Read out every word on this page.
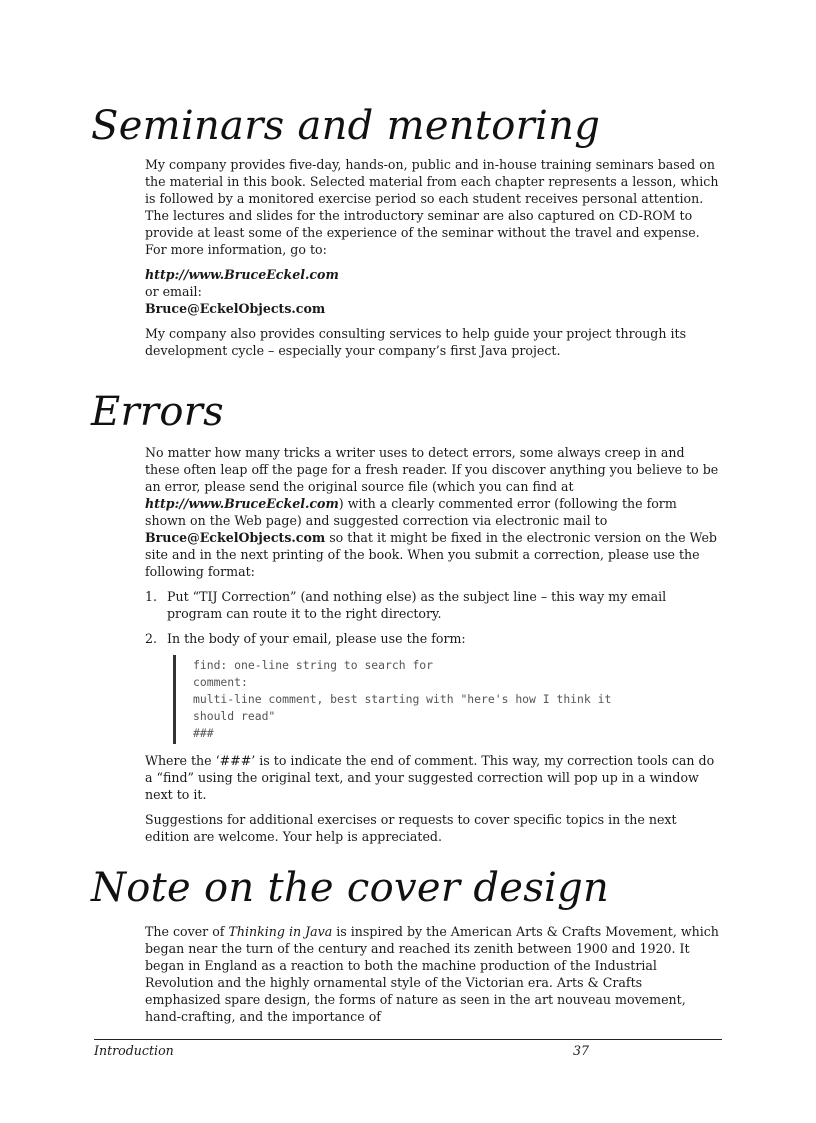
Seminars and mentoring

My company provides five-day, hands-on, public and in-house training seminars based on the material in this book. Selected material from each chapter represents a lesson, which is followed by a monitored exercise period so each student receives personal attention. The lectures and slides for the introductory seminar are also captured on CD-ROM to provide at least some of the experience of the seminar without the travel and expense. For more information, go to:

http://www.BruceEckel.com
or email:
Bruce@EckelObjects.com

My company also provides consulting services to help guide your project through its development cycle – especially your company’s first Java project.

Errors

No matter how many tricks a writer uses to detect errors, some always creep in and these often leap off the page for a fresh reader. If you discover anything you believe to be an error, please send the original source file (which you can find at http://www.BruceEckel.com) with a clearly commented error (following the form shown on the Web page) and suggested correction via electronic mail to Bruce@EckelObjects.com so that it might be fixed in the electronic version on the Web site and in the next printing of the book. When you submit a correction, please use the following format:

1. Put “TIJ Correction” (and nothing else) as the subject line – this way my email program can route it to the right directory.
2. In the body of your email, please use the form:
find: one-line string to search for
comment:
multi-line comment, best starting with "here's how I think it
should read"
###

Where the ‘###’ is to indicate the end of comment. This way, my correction tools can do a “find” using the original text, and your suggested correction will pop up in a window next to it.

Suggestions for additional exercises or requests to cover specific topics in the next edition are welcome. Your help is appreciated.

Note on the cover design

The cover of Thinking in Java is inspired by the American Arts & Crafts Movement, which began near the turn of the century and reached its zenith between 1900 and 1920. It began in England as a reaction to both the machine production of the Industrial Revolution and the highly ornamental style of the Victorian era. Arts & Crafts emphasized spare design, the forms of nature as seen in the art nouveau movement, hand-crafting, and the importance of

Introduction	37
